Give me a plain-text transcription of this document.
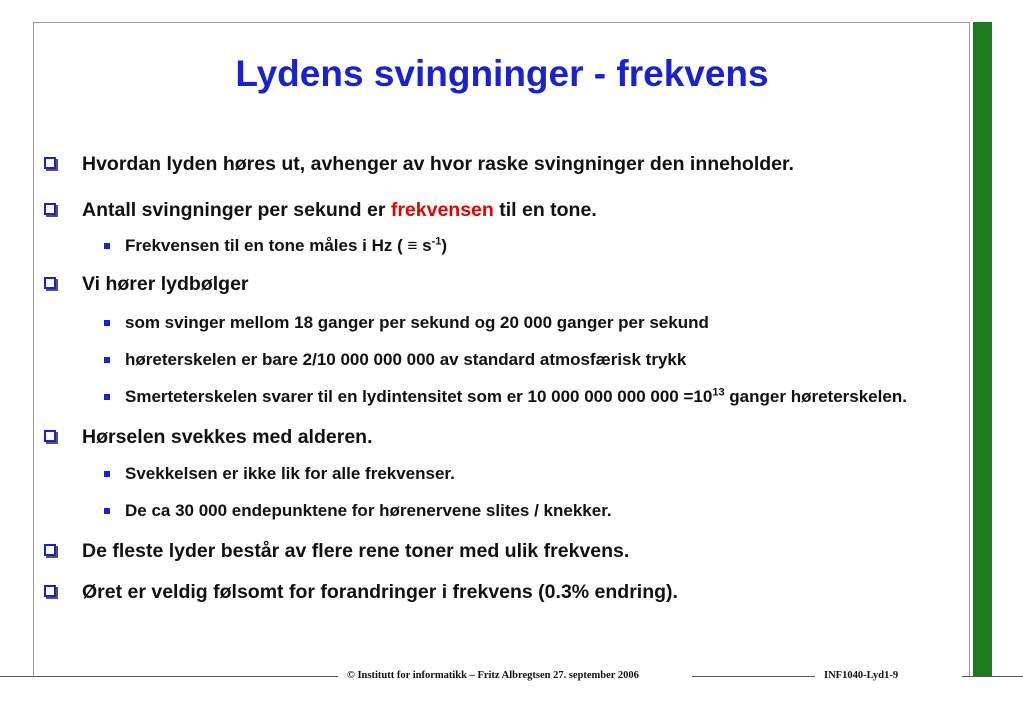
Lydens svingninger - frekvens
Hvordan lyden høres ut, avhenger av hvor raske svingninger den inneholder.
Antall svingninger per sekund er frekvensen til en tone.
Frekvensen til en tone måles i Hz ( ≡ $s^{-1}$)
Vi hører lydbølger
som svinger mellom 18 ganger per sekund og 20 000 ganger per sekund
høreterskelen er bare 2/10 000 000 000 av standard atmosfærisk trykk
Smerteterskelen svarer til en lydintensitet som er 10 000 000 000 $000 =10^{13}$ ganger høreterskelen.
Hørselen svekkes med alderen.
Svekkelsen er ikke lik for alle frekvenser.
De ca 30 000 endepunktene for hørenervene slites / knekker.
De fleste lyder består av flere rene toner med ulik frekvens.
Øret er veldig følsomt for forandringer i frekvens (0.3% endring).
© Institutt for informatikk – Fritz Albregtsen 27. september 2006	INF1040-Lyd1-9
